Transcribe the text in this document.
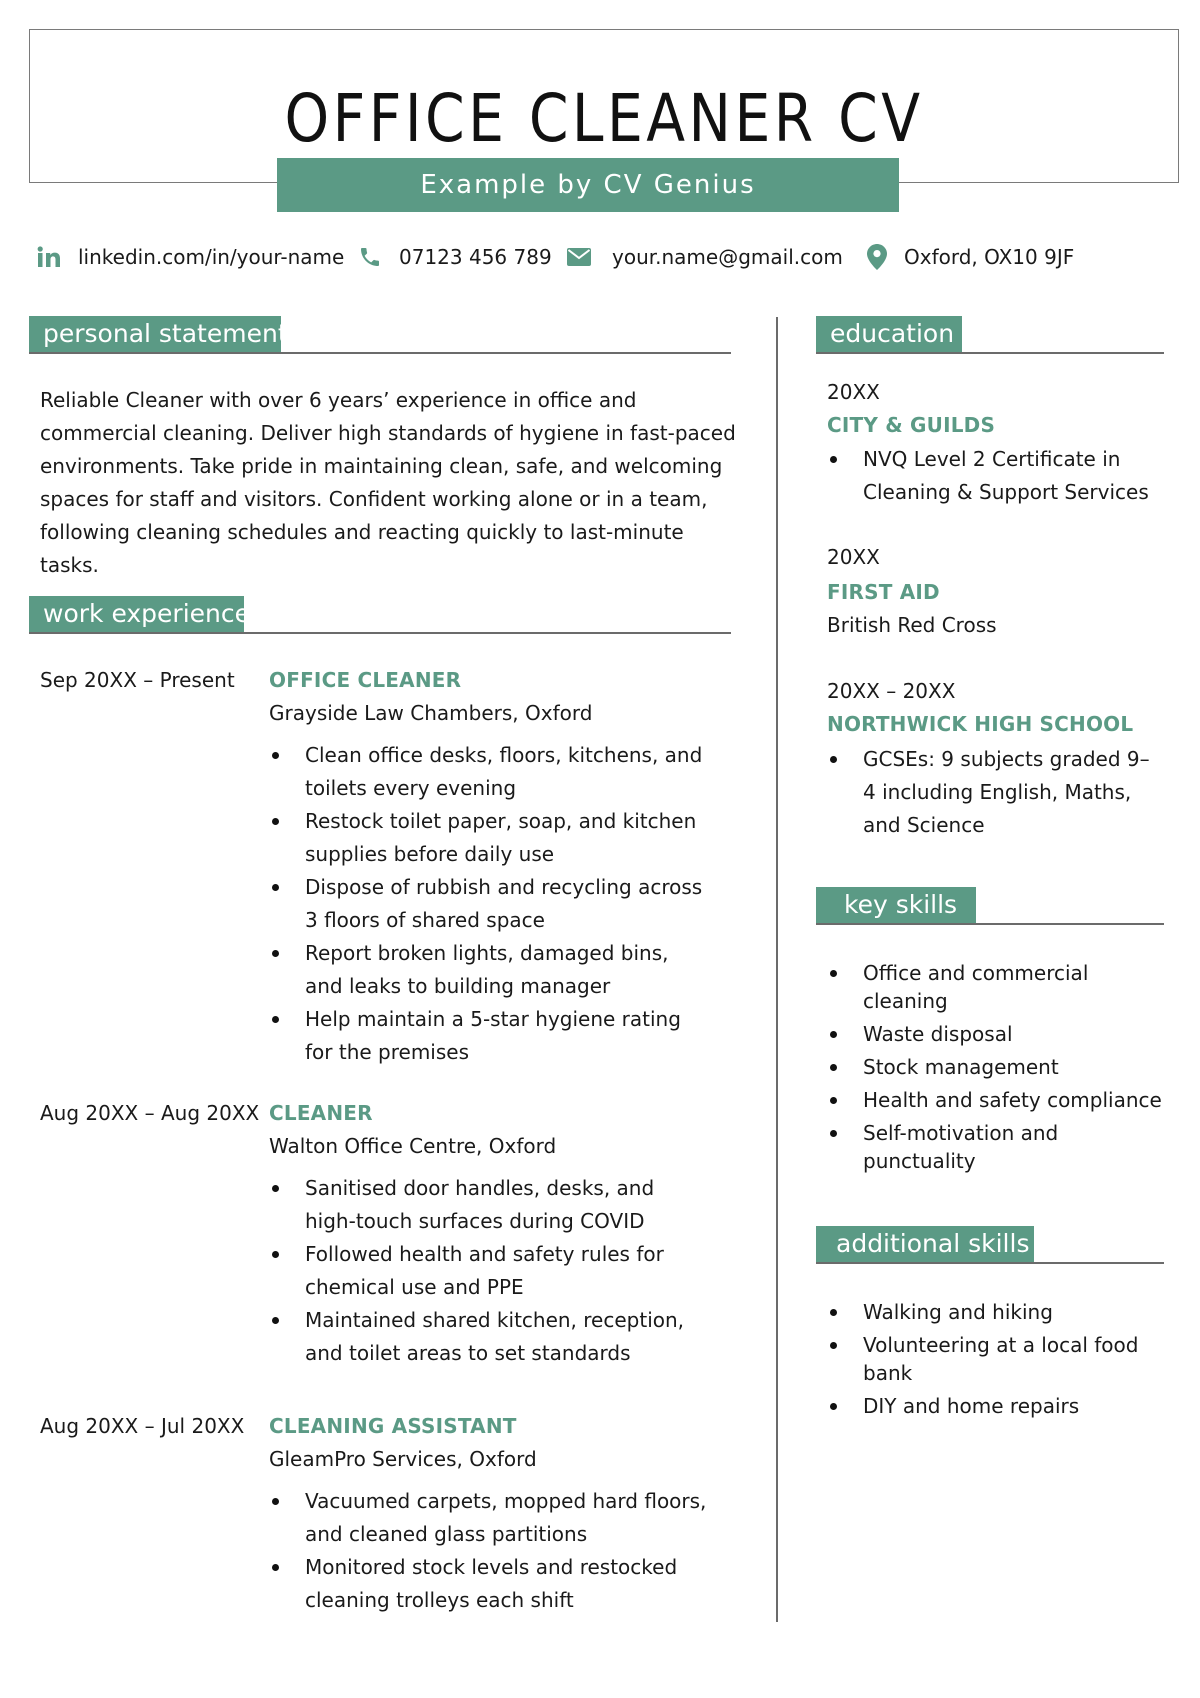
OFFICE CLEANER CV
Example by CV Genius
linkedin.com/in/your-name	07123 456 789	your.name@gmail.com	Oxford, OX10 9JF
personal statement
Reliable Cleaner with over 6 years’ experience in office and commercial cleaning. Deliver high standards of hygiene in fast-paced environments. Take pride in maintaining clean, safe, and welcoming spaces for staff and visitors. Confident working alone or in a team, following cleaning schedules and reacting quickly to last-minute tasks.
work experience
Sep 20XX – Present OFFICE CLEANER
Grayside Law Chambers, Oxford
Clean office desks, floors, kitchens, and toilets every evening
Restock toilet paper, soap, and kitchen supplies before daily use
Dispose of rubbish and recycling across 3 floors of shared space
Report broken lights, damaged bins, and leaks to building manager
Help maintain a 5-star hygiene rating for the premises
Aug 20XX – Aug 20XX CLEANER
Walton Office Centre, Oxford
Sanitised door handles, desks, and high-touch surfaces during COVID
Followed health and safety rules for chemical use and PPE
Maintained shared kitchen, reception, and toilet areas to set standards
Aug 20XX – Jul 20XX CLEANING ASSISTANT
GleamPro Services, Oxford
Vacuumed carpets, mopped hard floors, and cleaned glass partitions
Monitored stock levels and restocked cleaning trolleys each shift
education
20XX
CITY & GUILDS
NVQ Level 2 Certificate in Cleaning & Support Services
20XX
FIRST AID
British Red Cross
20XX – 20XX
NORTHWICK HIGH SCHOOL
GCSEs: 9 subjects graded 9–4 including English, Maths, and Science
key skills
Office and commercial cleaning
Waste disposal
Stock management
Health and safety compliance
Self-motivation and punctuality
additional skills
Walking and hiking
Volunteering at a local food bank
DIY and home repairs
